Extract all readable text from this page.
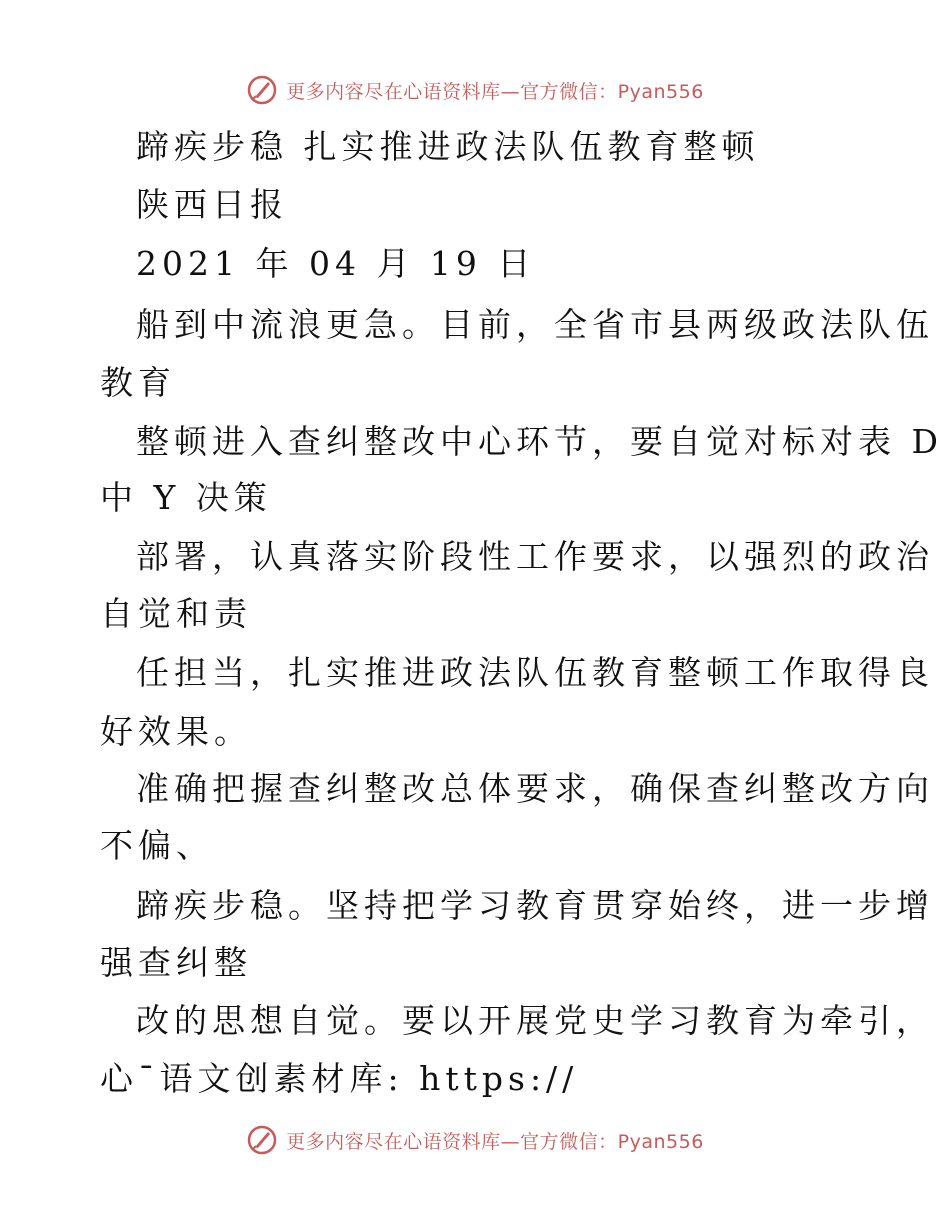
更多内容尽在心语资料库—官方微信：Pyan556
蹄疾步稳 扎实推进政法队伍教育整顿
陕西日报
2021 年 04 月 19 日
船到中流浪更急。目前，全省市县两级政法队伍
教育
整顿进入查纠整改中心环节，要自觉对标对表 D
中 Y 决策
部署，认真落实阶段性工作要求，以强烈的政治
自觉和责
任担当，扎实推进政法队伍教育整顿工作取得良
好效果。
准确把握查纠整改总体要求，确保查纠整改方向
不偏、
蹄疾步稳。坚持把学习教育贯穿始终，进一步增
强查纠整
改的思想自觉。要以开展党史学习教育为牵引，
心¯语文创素材库: https://
更多内容尽在心语资料库—官方微信：Pyan556
